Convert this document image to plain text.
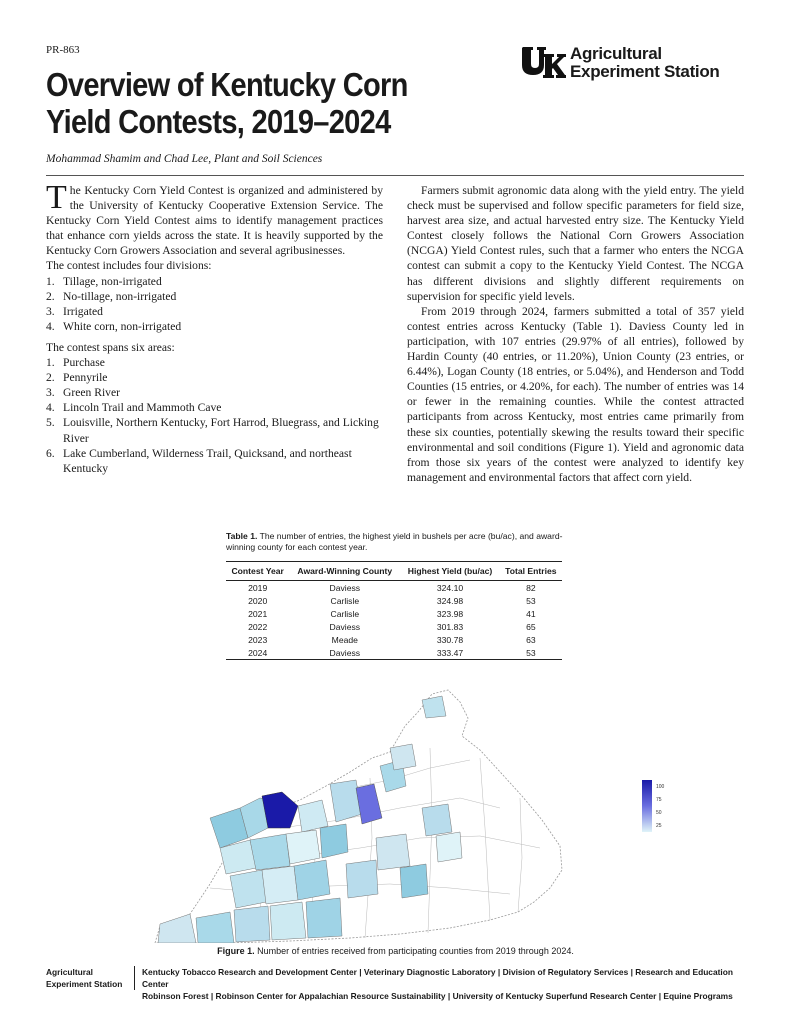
PR-863
Overview of Kentucky Corn
Yield Contests, 2019–2024
Mohammad Shamim and Chad Lee, Plant and Soil Sciences
Agricultural
Experiment Station

The Kentucky Corn Yield Contest is organized and administered by the University of Kentucky Cooperative Extension Service. The Kentucky Corn Yield Contest aims to identify management practices that enhance corn yields across the state. It is heavily supported by the Kentucky Corn Growers Association and several agribusinesses.

The contest includes four divisions:

1. Tillage, non-irrigated
2. No-tillage, non-irrigated
3. Irrigated
4. White corn, non-irrigated

The contest spans six areas:

1. Purchase
2. Pennyrile
3. Green River
4. Lincoln Trail and Mammoth Cave
5. Louisville, Northern Kentucky, Fort Harrod, Bluegrass, and Licking River
6. Lake Cumberland, Wilderness Trail, Quicksand, and northeast Kentucky

Farmers submit agronomic data along with the yield entry. The yield check must be supervised and follow specific parameters for field size, harvest area size, and actual harvested entry size. The Kentucky Yield Contest closely follows the National Corn Growers Association (NCGA) Yield Contest rules, such that a farmer who enters the NCGA contest can submit a copy to the Kentucky Yield Contest. The NCGA has different divisions and slightly different requirements on supervision for specific yield levels.

From 2019 through 2024, farmers submitted a total of 357 yield contest entries across Kentucky (Table 1). Daviess County led in participation, with 107 entries (29.97% of all entries), followed by Hardin County (40 entries, or 11.20%), Union County (23 entries, or 6.44%), Logan County (18 entries, or 5.04%), and Henderson and Todd Counties (15 entries, or 4.20%, for each). The number of entries was 14 or fewer in the remaining counties. While the contest attracted participants from across Kentucky, most entries came primarily from these six counties, potentially skewing the results toward their specific environmental and soil conditions (Figure 1). Yield and agronomic data from those six years of the contest were analyzed to identify key management and environmental factors that affect corn yield.

Table 1. The number of entries, the highest yield in bushels per acre (bu/ac), and award-winning county for each contest year.
Contest Year	Award-Winning County	Highest Yield (bu/ac)	Total Entries
2019	Daviess	324.10	82
2020	Carlisle	324.98	53
2021	Carlisle	323.98	41
2022	Daviess	301.83	65
2023	Meade	330.78	63
2024	Daviess	333.47	53
100
75
50
25
Figure 1. Number of entries received from participating counties from 2019 through 2024.
Agricultural
Experiment Station
Kentucky Tobacco Research and Development Center | Veterinary Diagnostic Laboratory | Division of Regulatory Services | Research and Education Center
Robinson Forest | Robinson Center for Appalachian Resource Sustainability | University of Kentucky Superfund Research Center | Equine Programs
